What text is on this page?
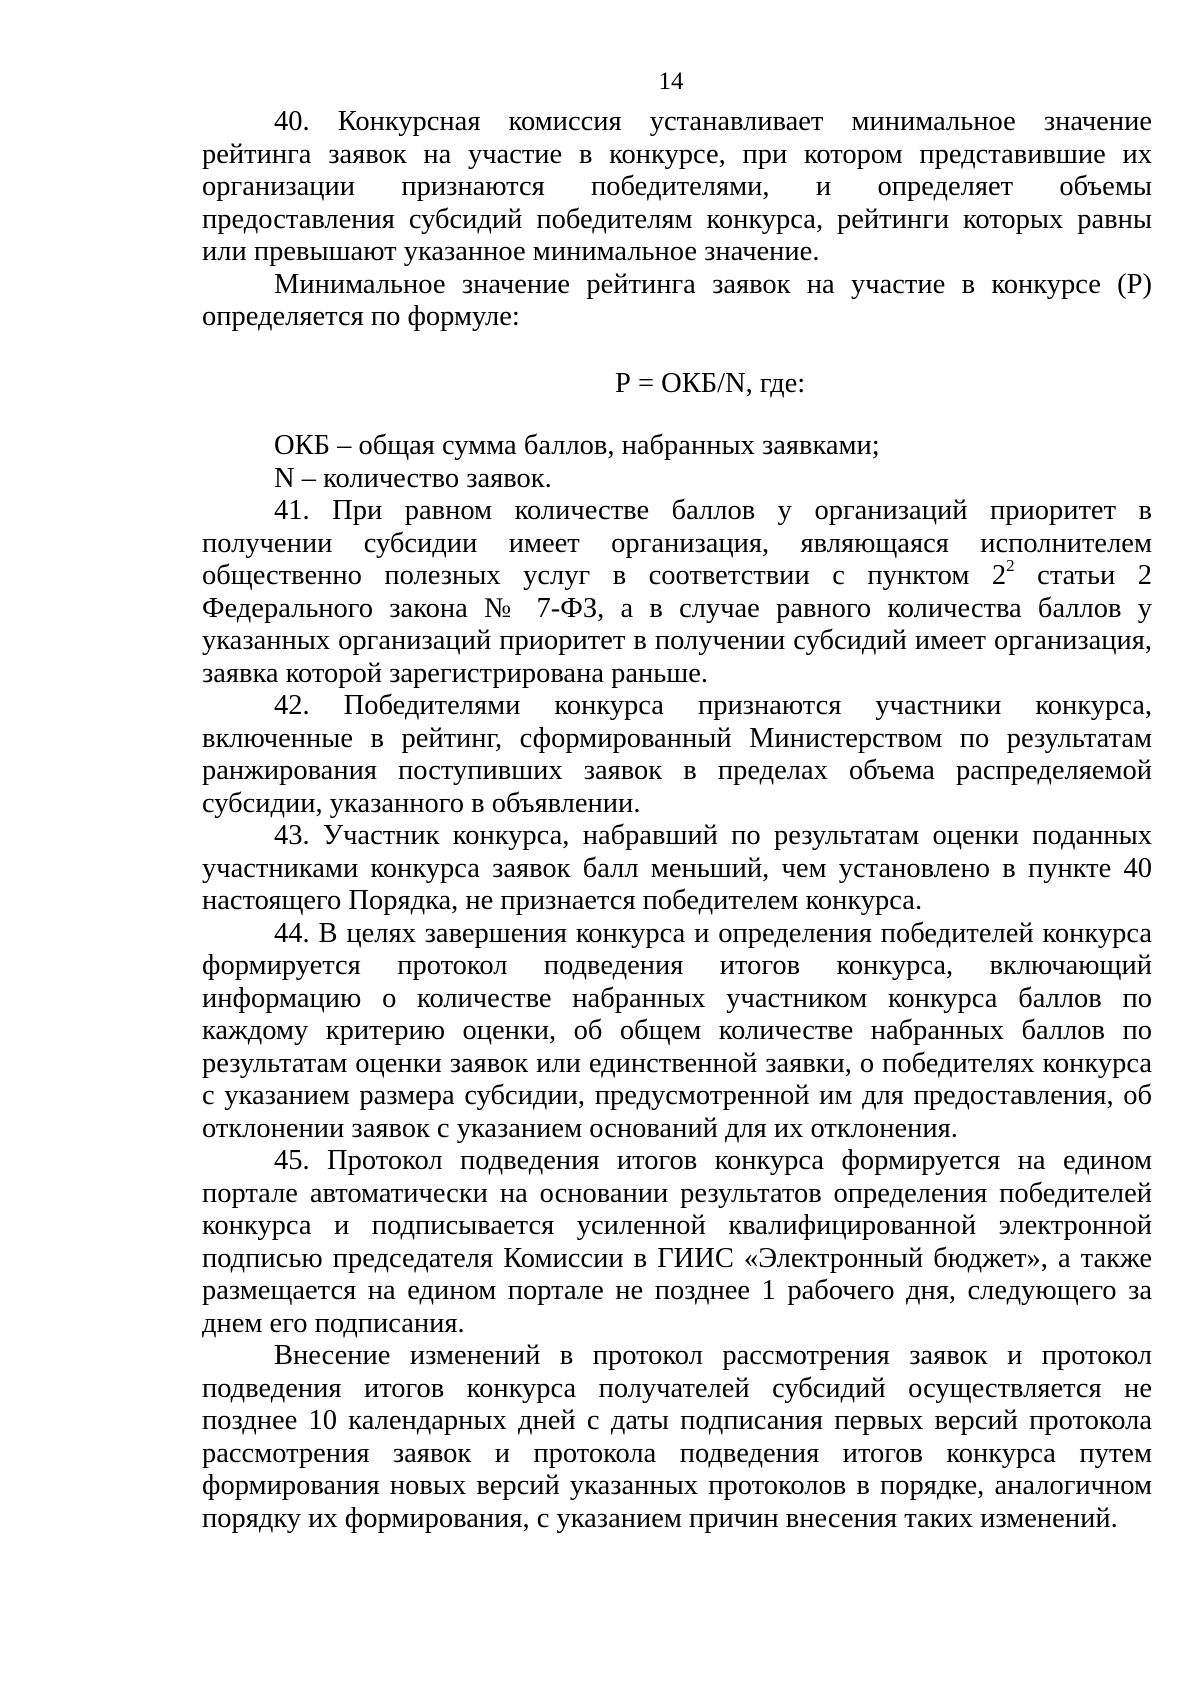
14

40. Конкурсная комиссия устанавливает минимальное значение рейтинга заявок на участие в конкурсе, при котором представившие их организации признаются победителями, и определяет объемы предоставления субсидий победителям конкурса, рейтинги которых равны или превышают указанное минимальное значение.

Минимальное значение рейтинга заявок на участие в конкурсе (Р) определяется по формуле:

Р = ОКБ/N, где:

ОКБ – общая сумма баллов, набранных заявками;

N – количество заявок.

41. При равном количестве баллов у организаций приоритет в получении субсидии имеет организация, являющаяся исполнителем общественно полезных услуг в соответствии с пунктом $2^2$ статьи 2 Федерального закона № 7-ФЗ, а в случае равного количества баллов у указанных организаций приоритет в получении субсидий имеет организация, заявка которой зарегистрирована раньше.

42. Победителями конкурса признаются участники конкурса, включенные в рейтинг, сформированный Министерством по результатам ранжирования поступивших заявок в пределах объема распределяемой субсидии, указанного в объявлении.

43. Участник конкурса, набравший по результатам оценки поданных участниками конкурса заявок балл меньший, чем установлено в пункте 40 настоящего Порядка, не признается победителем конкурса.

44. В целях завершения конкурса и определения победителей конкурса формируется протокол подведения итогов конкурса, включающий информацию о количестве набранных участником конкурса баллов по каждому критерию оценки, об общем количестве набранных баллов по результатам оценки заявок или единственной заявки, о победителях конкурса с указанием размера субсидии, предусмотренной им для предоставления, об отклонении заявок с указанием оснований для их отклонения.

45. Протокол подведения итогов конкурса формируется на едином портале автоматически на основании результатов определения победителей конкурса и подписывается усиленной квалифицированной электронной подписью председателя Комиссии в ГИИС «Электронный бюджет», а также размещается на едином портале не позднее 1 рабочего дня, следующего за днем его подписания.

Внесение изменений в протокол рассмотрения заявок и протокол подведения итогов конкурса получателей субсидий осуществляется не позднее 10 календарных дней с даты подписания первых версий протокола рассмотрения заявок и протокола подведения итогов конкурса путем формирования новых версий указанных протоколов в порядке, аналогичном порядку их формирования, с указанием причин внесения таких изменений.
